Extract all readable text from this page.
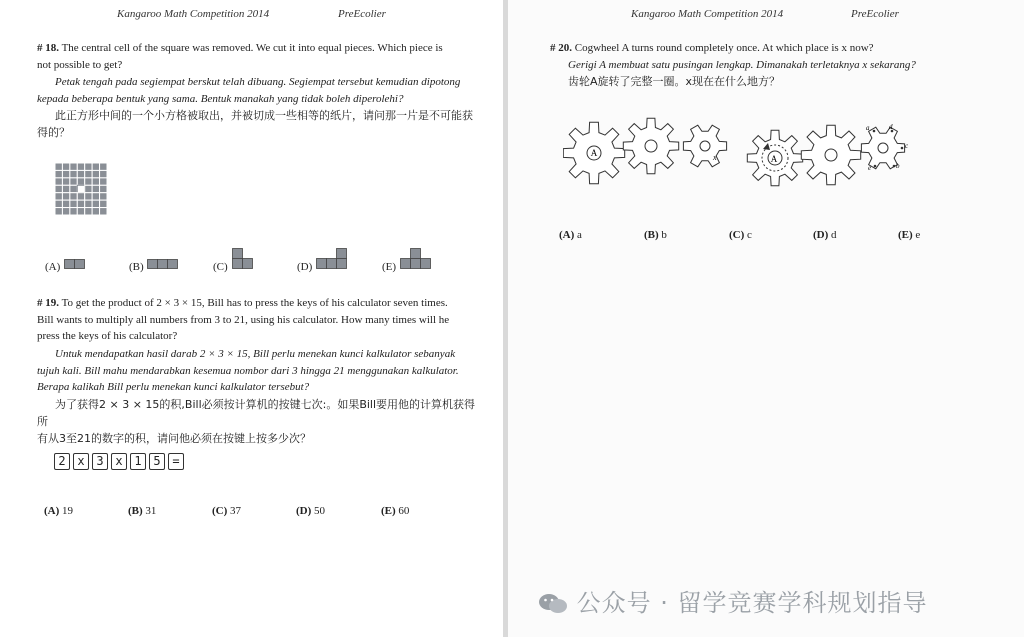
Kangaroo Math Competition 2014	PreEcolier
# 18. The central cell of the square was removed. We cut it into equal pieces. Which piece is
not possible to get?
Petak tengah pada segiempat berskut telah dibuang. Segiempat tersebut kemudian dipotong
kepada beberapa bentuk yang sama. Bentuk manakah yang tidak boleh diperolehi?
此正方形中间的一个小方格被取出，并被切成一些相等的纸片，请问那一片是不可能获
得的？
(A)	(B)	(C)	(D)	(E)
# 19. To get the product of 2 × 3 × 15, Bill has to press the keys of his calculator seven times.
Bill wants to multiply all numbers from 3 to 21, using his calculator. How many times will he
press the keys of his calculator?
Untuk mendapatkan hasil darab 2 × 3 × 15, Bill perlu menekan kunci kalkulator sebanyak
tujuh kali. Bill mahu mendarabkan kesemua nombor dari 3 hingga 21 menggunakan kalkulator.
Berapa kalikah Bill perlu menekan kunci kalkulator tersebut?
为了获得2 × 3 × 15的积,Bill必须按计算机的按键七次:。如果Bill要用他的计算机获得所
有从3至21的数字的积，请问他必须在按键上按多少次？
2 x 3 x 1 5 =
(A) 19	(B) 31	(C) 37	(D) 50	(E) 60
Kangaroo Math Competition 2014	PreEcolier
# 20. Cogwheel A turns round completely once. At which place is x now?
Gerigi A membuat satu pusingan lengkap. Dimanakah terletaknya x sekarang?
齿轮A旋转了完整一圈。x现在在什么地方？
A	x	A
a	d
c
b
e
(A) a	(B) b	(C) c	(D) d	(E) e
公众号 · 留学竞赛学科规划指导
